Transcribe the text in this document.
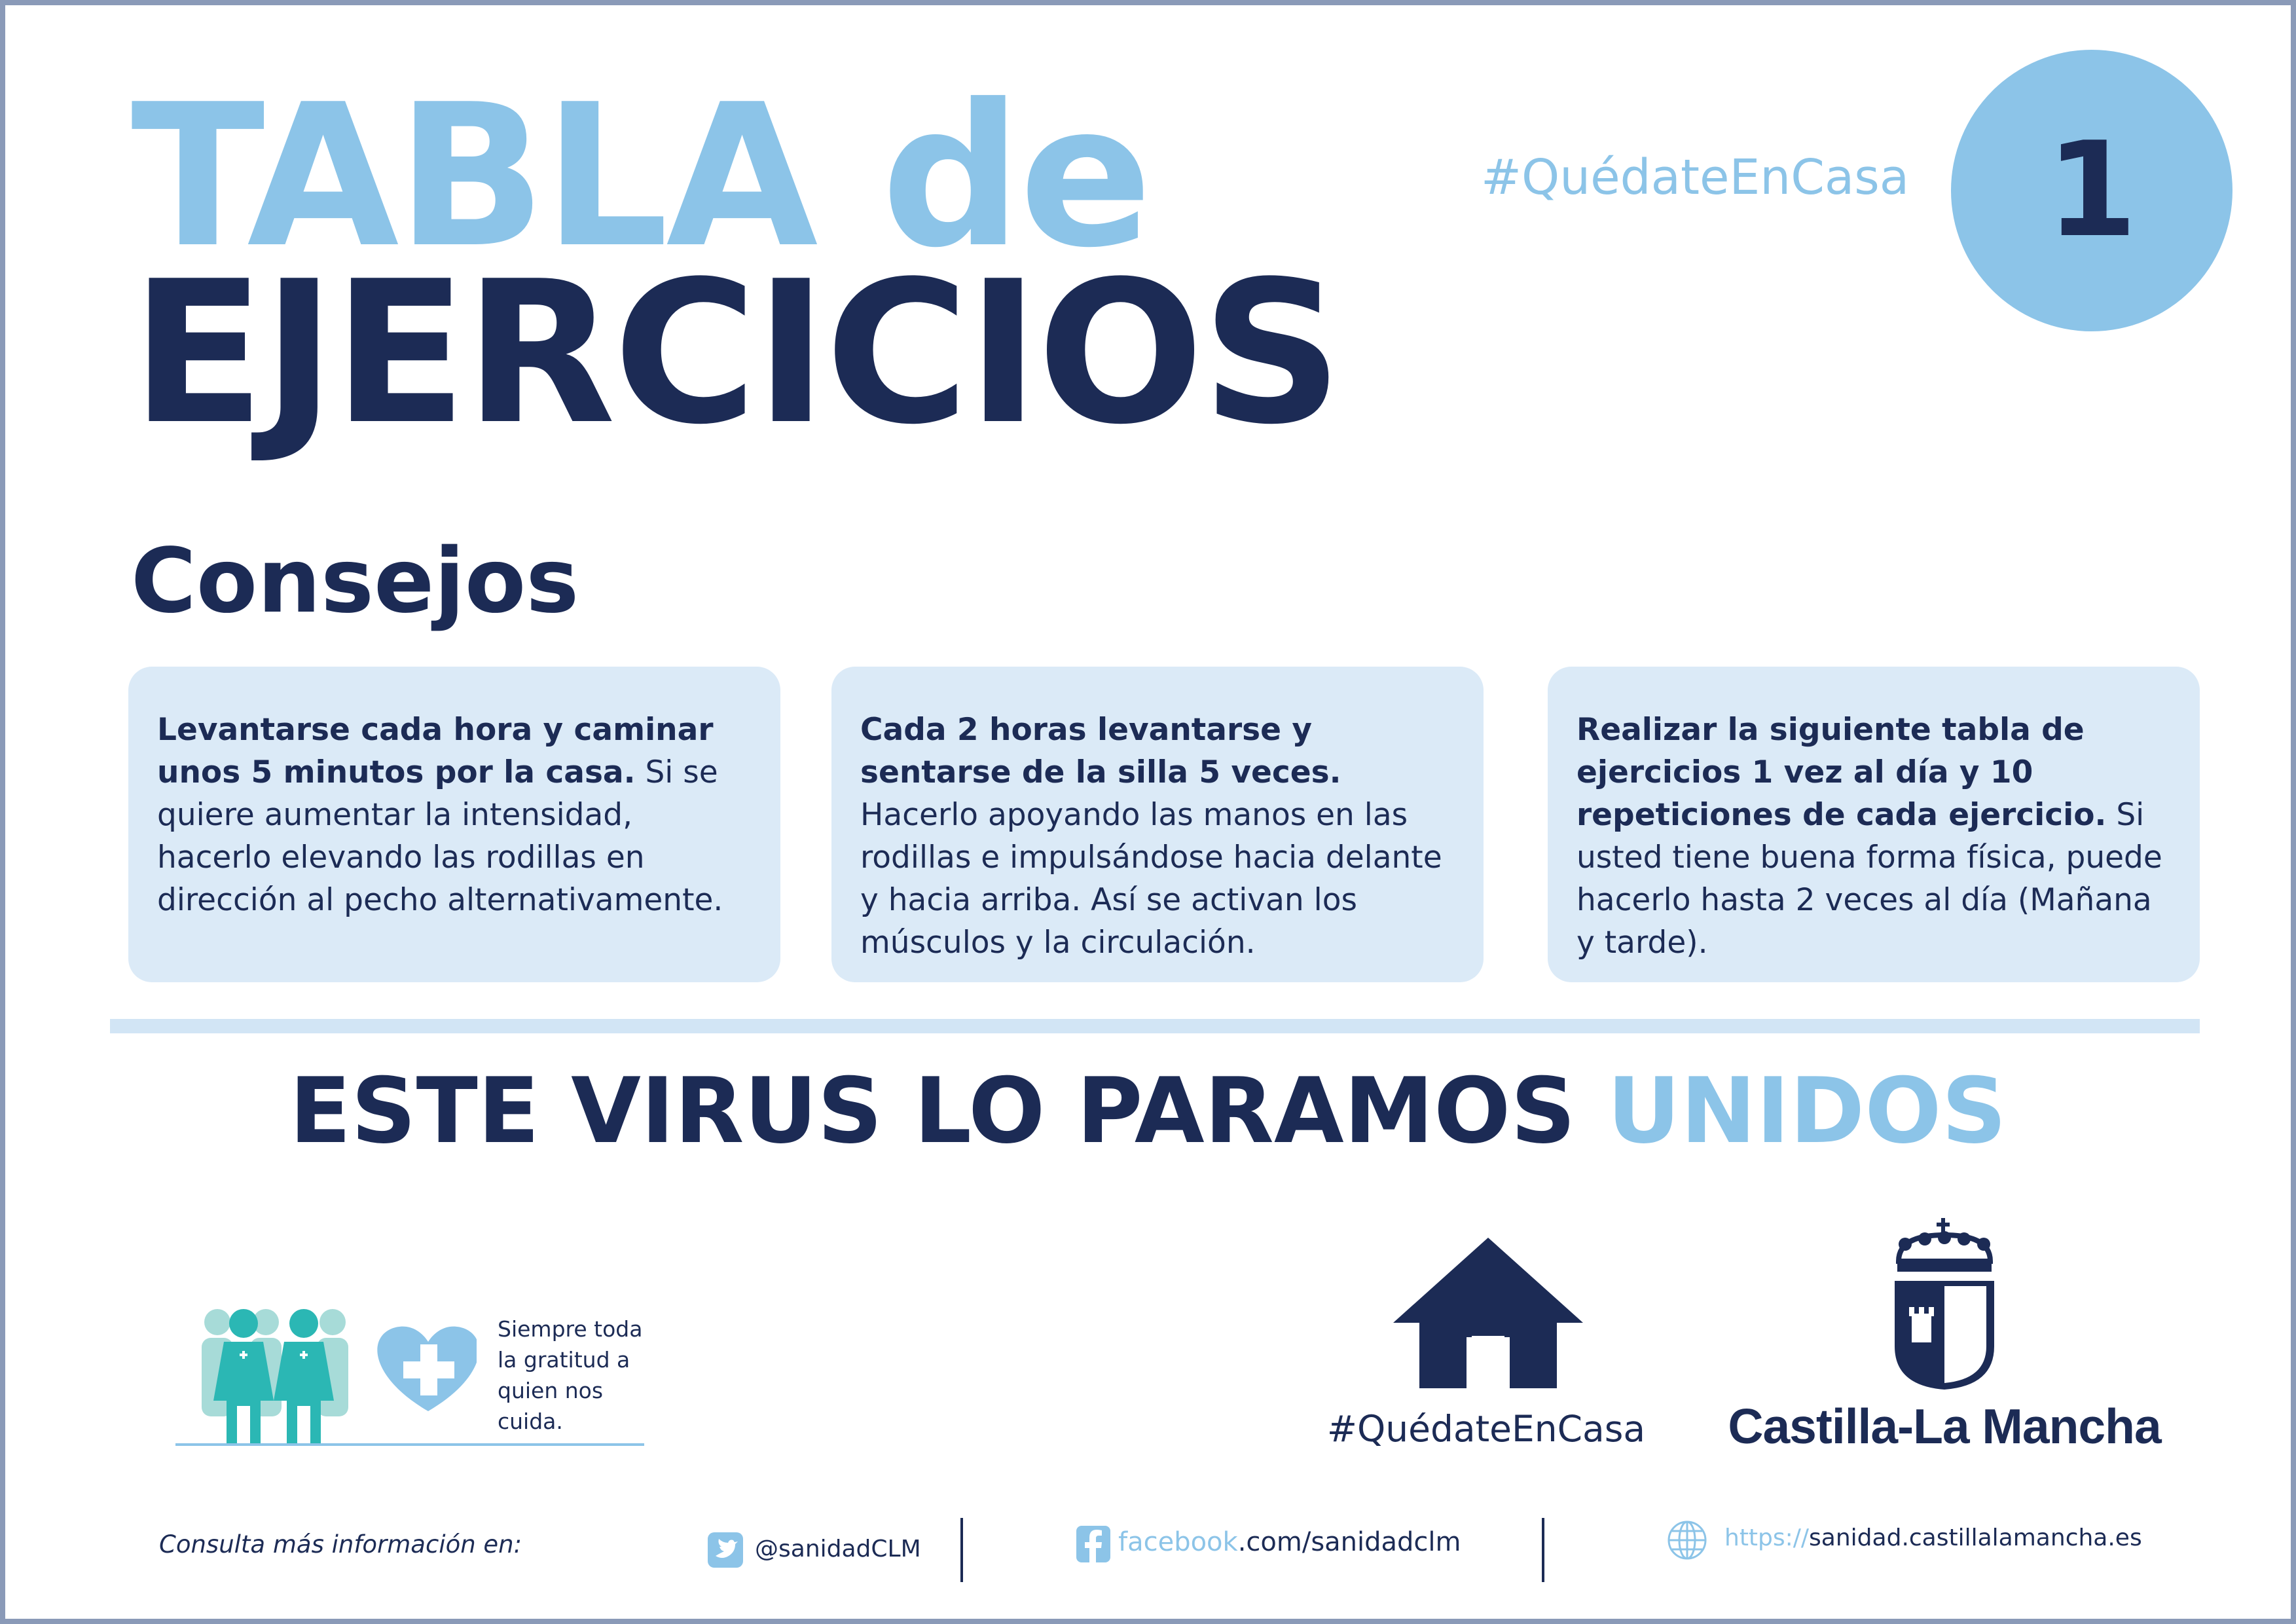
TABLA de
EJERCICIOS
#QuédateEnCasa	1
Consejos
Levantarse cada hora y caminar unos 5 minutos por la casa. Si se quiere aumentar la intensidad, hacerlo elevando las rodillas en dirección al pecho alternativamente.
Cada 2 horas levantarse y sentarse de la silla 5 veces. Hacerlo apoyando las manos en las rodillas e impulsándose hacia delante y hacia arriba. Así se activan los músculos y la circulación.
Realizar la siguiente tabla de ejercicios 1 vez al día y 10 repeticiones de cada ejercicio. Si usted tiene buena forma física, puede hacerlo hasta 2 veces al día (Mañana y tarde).
ESTE VIRUS LO PARAMOS UNIDOS
Siempre toda la gratitud a quien nos cuida.	#QuédateEnCasa Castilla-La Mancha
Consulta más información en:	@sanidadCLM	facebook.com/sanidadclm	https://sanidad.castillalamancha.es
